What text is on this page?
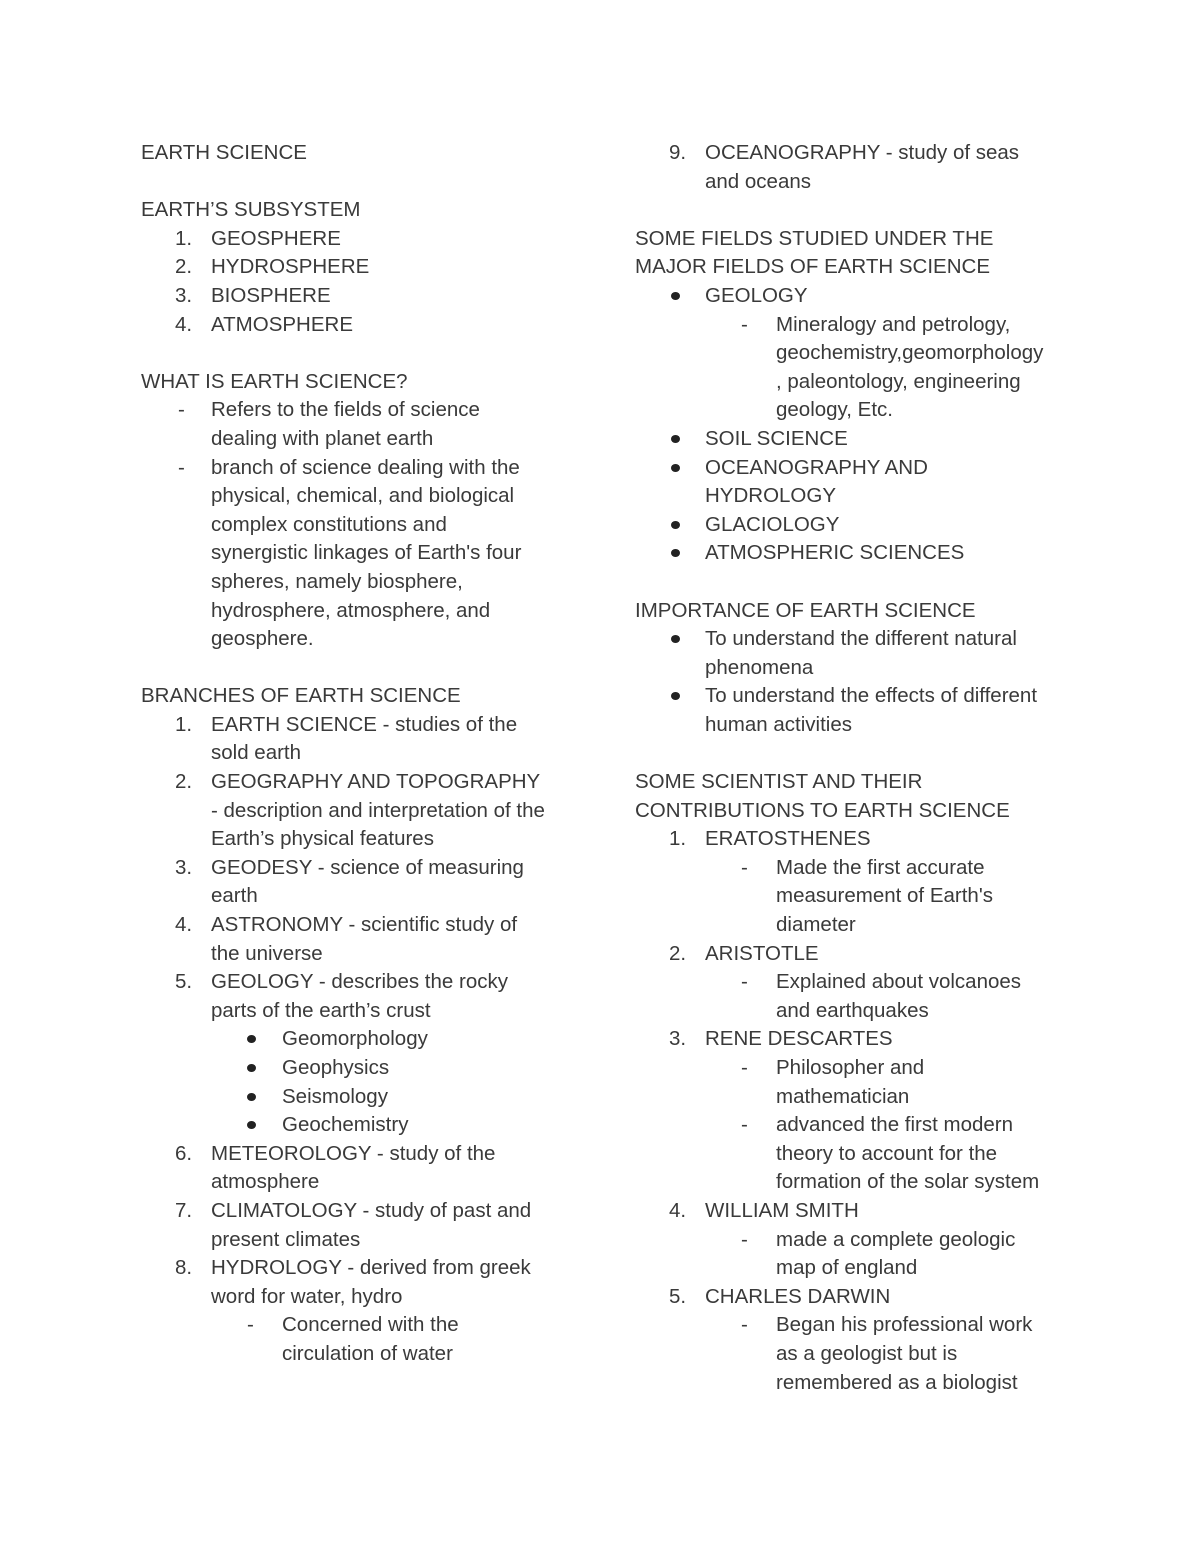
EARTH SCIENCE
EARTH’S SUBSYSTEM
1. GEOSPHERE
2. HYDROSPHERE
3. BIOSPHERE
4. ATMOSPHERE
WHAT IS EARTH SCIENCE?
- Refers to the fields of science
dealing with planet earth
- branch of science dealing with the
physical, chemical, and biological
complex constitutions and
synergistic linkages of Earth's four
spheres, namely biosphere,
hydrosphere, atmosphere, and
geosphere.
BRANCHES OF EARTH SCIENCE
1. EARTH SCIENCE - studies of the
sold earth
2. GEOGRAPHY AND TOPOGRAPHY
- description and interpretation of the
Earth’s physical features
3. GEODESY - science of measuring
earth
4. ASTRONOMY - scientific study of
the universe
5. GEOLOGY - describes the rocky
parts of the earth’s crust
Geomorphology
Geophysics
Seismology
Geochemistry
6. METEOROLOGY - study of the
atmosphere
7. CLIMATOLOGY - study of past and
present climates
8. HYDROLOGY - derived from greek
word for water, hydro
- Concerned with the
circulation of water
9. OCEANOGRAPHY - study of seas
and oceans
SOME FIELDS STUDIED UNDER THE
MAJOR FIELDS OF EARTH SCIENCE
GEOLOGY
- Mineralogy and petrology,
geochemistry,geomorphology
, paleontology, engineering
geology, Etc.
SOIL SCIENCE
OCEANOGRAPHY AND
HYDROLOGY
GLACIOLOGY
ATMOSPHERIC SCIENCES
IMPORTANCE OF EARTH SCIENCE
To understand the different natural
phenomena
To understand the effects of different
human activities
SOME SCIENTIST AND THEIR
CONTRIBUTIONS TO EARTH SCIENCE
1. ERATOSTHENES
- Made the first accurate
measurement of Earth's
diameter
2. ARISTOTLE
- Explained about volcanoes
and earthquakes
3. RENE DESCARTES
- Philosopher and
mathematician
- advanced the first modern
theory to account for the
formation of the solar system
4. WILLIAM SMITH
- made a complete geologic
map of england
5. CHARLES DARWIN
- Began his professional work
as a geologist but is
remembered as a biologist
